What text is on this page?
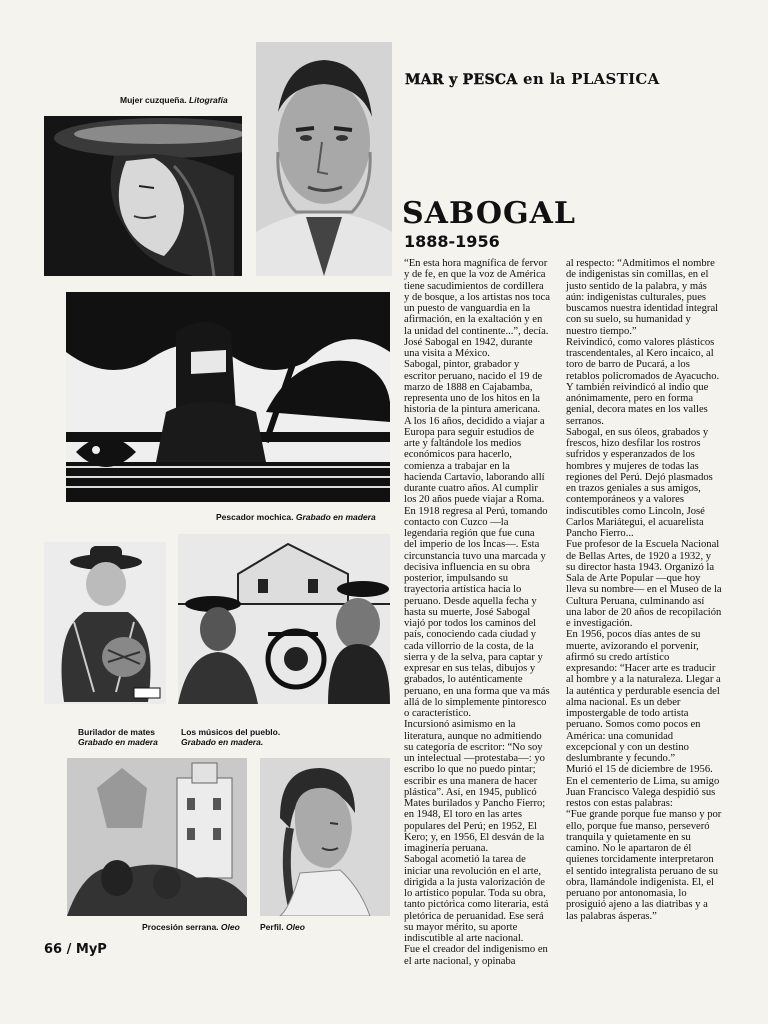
MAR y PESCA en la PLASTICA
Mujer cuzqueña. Litografía
SABOGAL
1888-1956
Pescador mochica. Grabado en madera
Burilador de mates
Grabado en madera
Los músicos del pueblo.
Grabado en madera.
Procesión serrana. Oleo	Perfil. Oleo

“En esta hora magnífica de fervor y de fe, en que la voz de América tiene sacudimientos de cordillera y de bosque, a los artistas nos toca un puesto de vanguardia en la afirmación, en la exaltación y en la unidad del continente...”, decía. José Sabogal en 1942, durante una visita a México.

Sabogal, pintor, grabador y escritor peruano, nacido el 19 de marzo de 1888 en Cajabamba, representa uno de los hitos en la historia de la pintura americana.

A los 16 años, decidido a viajar a Europa para seguir estudios de arte y faltándole los medios económicos para hacerlo, comienza a trabajar en la hacienda Cartavio, laborando allí durante cuatro años. Al cumplir los 20 años puede viajar a Roma.

En 1918 regresa al Perú, tomando contacto con Cuzco —la legendaria región que fue cuna del imperio de los Incas—. Esta circunstancia tuvo una marcada y decisiva influencia en su obra posterior, impulsando su trayectoria artística hacia lo peruano. Desde aquella fecha y hasta su muerte, José Sabogal viajó por todos los caminos del país, conociendo cada ciudad y cada villorrio de la costa, de la sierra y de la selva, para captar y expresar en sus telas, dibujos y grabados, lo auténticamente peruano, en una forma que va más allá de lo simplemente pintoresco o característico.

Incursionó asimismo en la literatura, aunque no admitiendo su categoría de escritor: “No soy un intelectual —protestaba—: yo escribo lo que no puedo pintar; escribir es una manera de hacer plástica”. Así, en 1945, publicó Mates burilados y Pancho Fierro; en 1948, El toro en las artes populares del Perú; en 1952, El Kero; y, en 1956, El desván de la imaginería peruana.

Sabogal acometió la tarea de iniciar una revolución en el arte, dirigida a la justa valorización de lo artístico popular. Toda su obra, tanto pictórica como literaria, está pletórica de peruanidad. Ese será su mayor mérito, su aporte indiscutible al arte nacional.

Fue el creador del indigenismo en el arte nacional, y opinaba

al respecto: “Admitimos el nombre de indigenistas sin comillas, en el justo sentido de la palabra, y más aún: indigenistas culturales, pues buscamos nuestra identidad integral con su suelo, su humanidad y nuestro tiempo.”

Reivindicó, como valores plásticos trascendentales, al Kero incaico, al toro de barro de Pucará, a los retablos policromados de Ayacucho. Y también reivindicó al indio que anónimamente, pero en forma genial, decora mates en los valles serranos.

Sabogal, en sus óleos, grabados y frescos, hizo desfilar los rostros sufridos y esperanzados de los hombres y mujeres de todas las regiones del Perú. Dejó plasmados en trazos geniales a sus amigos, contemporáneos y a valores indiscutibles como Lincoln, José Carlos Mariátegui, el acuarelista Pancho Fierro...

Fue profesor de la Escuela Nacional de Bellas Artes, de 1920 a 1932, y su director hasta 1943. Organizó la Sala de Arte Popular —que hoy lleva su nombre— en el Museo de la Cultura Peruana, culminando así una labor de 20 años de recopilación e investigación.

En 1956, pocos días antes de su muerte, avizorando el porvenir, afirmó su credo artístico expresando: “Hacer arte es traducir al hombre y a la naturaleza. Llegar a la auténtica y perdurable esencia del alma nacional. Es un deber impostergable de todo artista peruano. Somos como pocos en América: una comunidad excepcional y con un destino deslumbrante y fecundo.”

Murió el 15 de diciembre de 1956. En el cementerio de Lima, su amigo Juan Francisco Valega despidió sus restos con estas palabras:

“Fue grande porque fue manso y por ello, porque fue manso, perseveró tranquila y quietamente en su camino. No le apartaron de él quienes torcidamente interpretaron el sentido integralista peruano de su obra, llamándole indigenista. El, el peruano por antonomasia, lo prosiguió ajeno a las diatribas y a las palabras ásperas.”

66 / MyP
